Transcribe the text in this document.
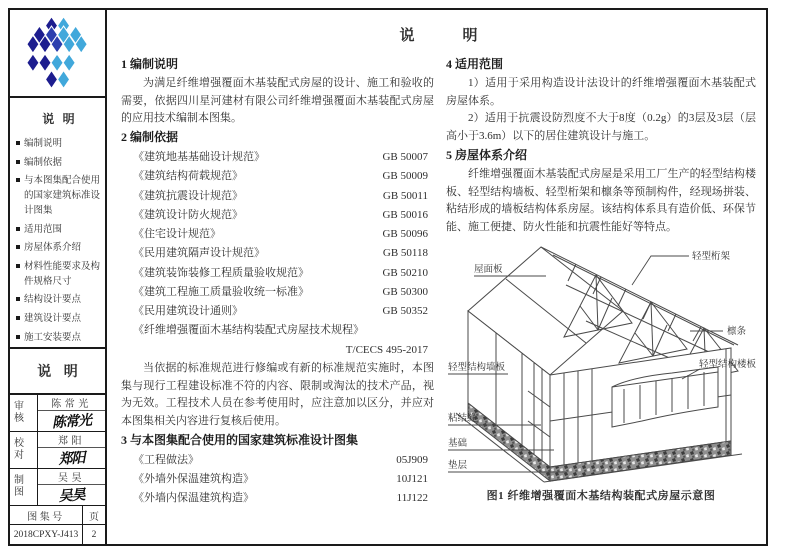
说明
编制说明
编制依据
与本图集配合使用的国家建筑标准设计图集
适用范围
房屋体系介绍
材料性能要求及构件规格尺寸
结构设计要点
建筑设计要点
施工安装要点
说明
审核
陈常光
陈常光
校对
郑阳
郑阳
制图
吴昊
吴昊
图集号	页
2018CPXY-J413	2
说明
1 编制说明
为满足纤维增强覆面木基装配式房屋的设计、施工和验收的需要，依据四川星河建材有限公司纤维增强覆面木基装配式房屋的应用技术编制本图集。
2 编制依据
《建筑地基基础设计规范》	GB 50007
《建筑结构荷载规范》	GB 50009
《建筑抗震设计规范》	GB 50011
《建筑设计防火规范》	GB 50016
《住宅设计规范》	GB 50096
《民用建筑隔声设计规范》	GB 50118
《建筑装饰装修工程质量验收规范》	GB 50210
《建筑工程施工质量验收统一标准》	GB 50300
《民用建筑设计通则》	GB 50352
《纤维增强覆面木基结构装配式房屋技术规程》
T/CECS 495-2017
当依据的标准规范进行修编或有新的标准规范实施时，本图集与现行工程建设标准不符的内容、限制或淘汰的技术产品，视为无效。工程技术人员在参考使用时，应注意加以区分，并应对本图集相关内容进行复核后使用。
3 与本图集配合使用的国家建筑标准设计图集
《工程做法》	05J909
《外墙外保温建筑构造》	10J121
《外墙内保温建筑构造》	11J122
4 适用范围
1）适用于采用构造设计法设计的纤维增强覆面木基装配式房屋体系。
2）适用于抗震设防烈度不大于8度（0.2g）的3层及3层（层高小于3.6m）以下的居住建筑设计与施工。
5 房屋体系介绍
纤维增强覆面木基装配式房屋是采用工厂生产的轻型结构楼板、轻型结构墙板、轻型桁架和檩条等预制构件，经现场拼装、粘结形成的墙板结构体系房屋。该结构体系具有造价低、环保节能、施工便捷、防火性能和抗震性能好等特点。
屋面板
轻型桁架
檩条
轻型结构墙板	轻型结构楼板
粘结缝
基础
垫层
图1 纤维增强覆面木基结构装配式房屋示意图
